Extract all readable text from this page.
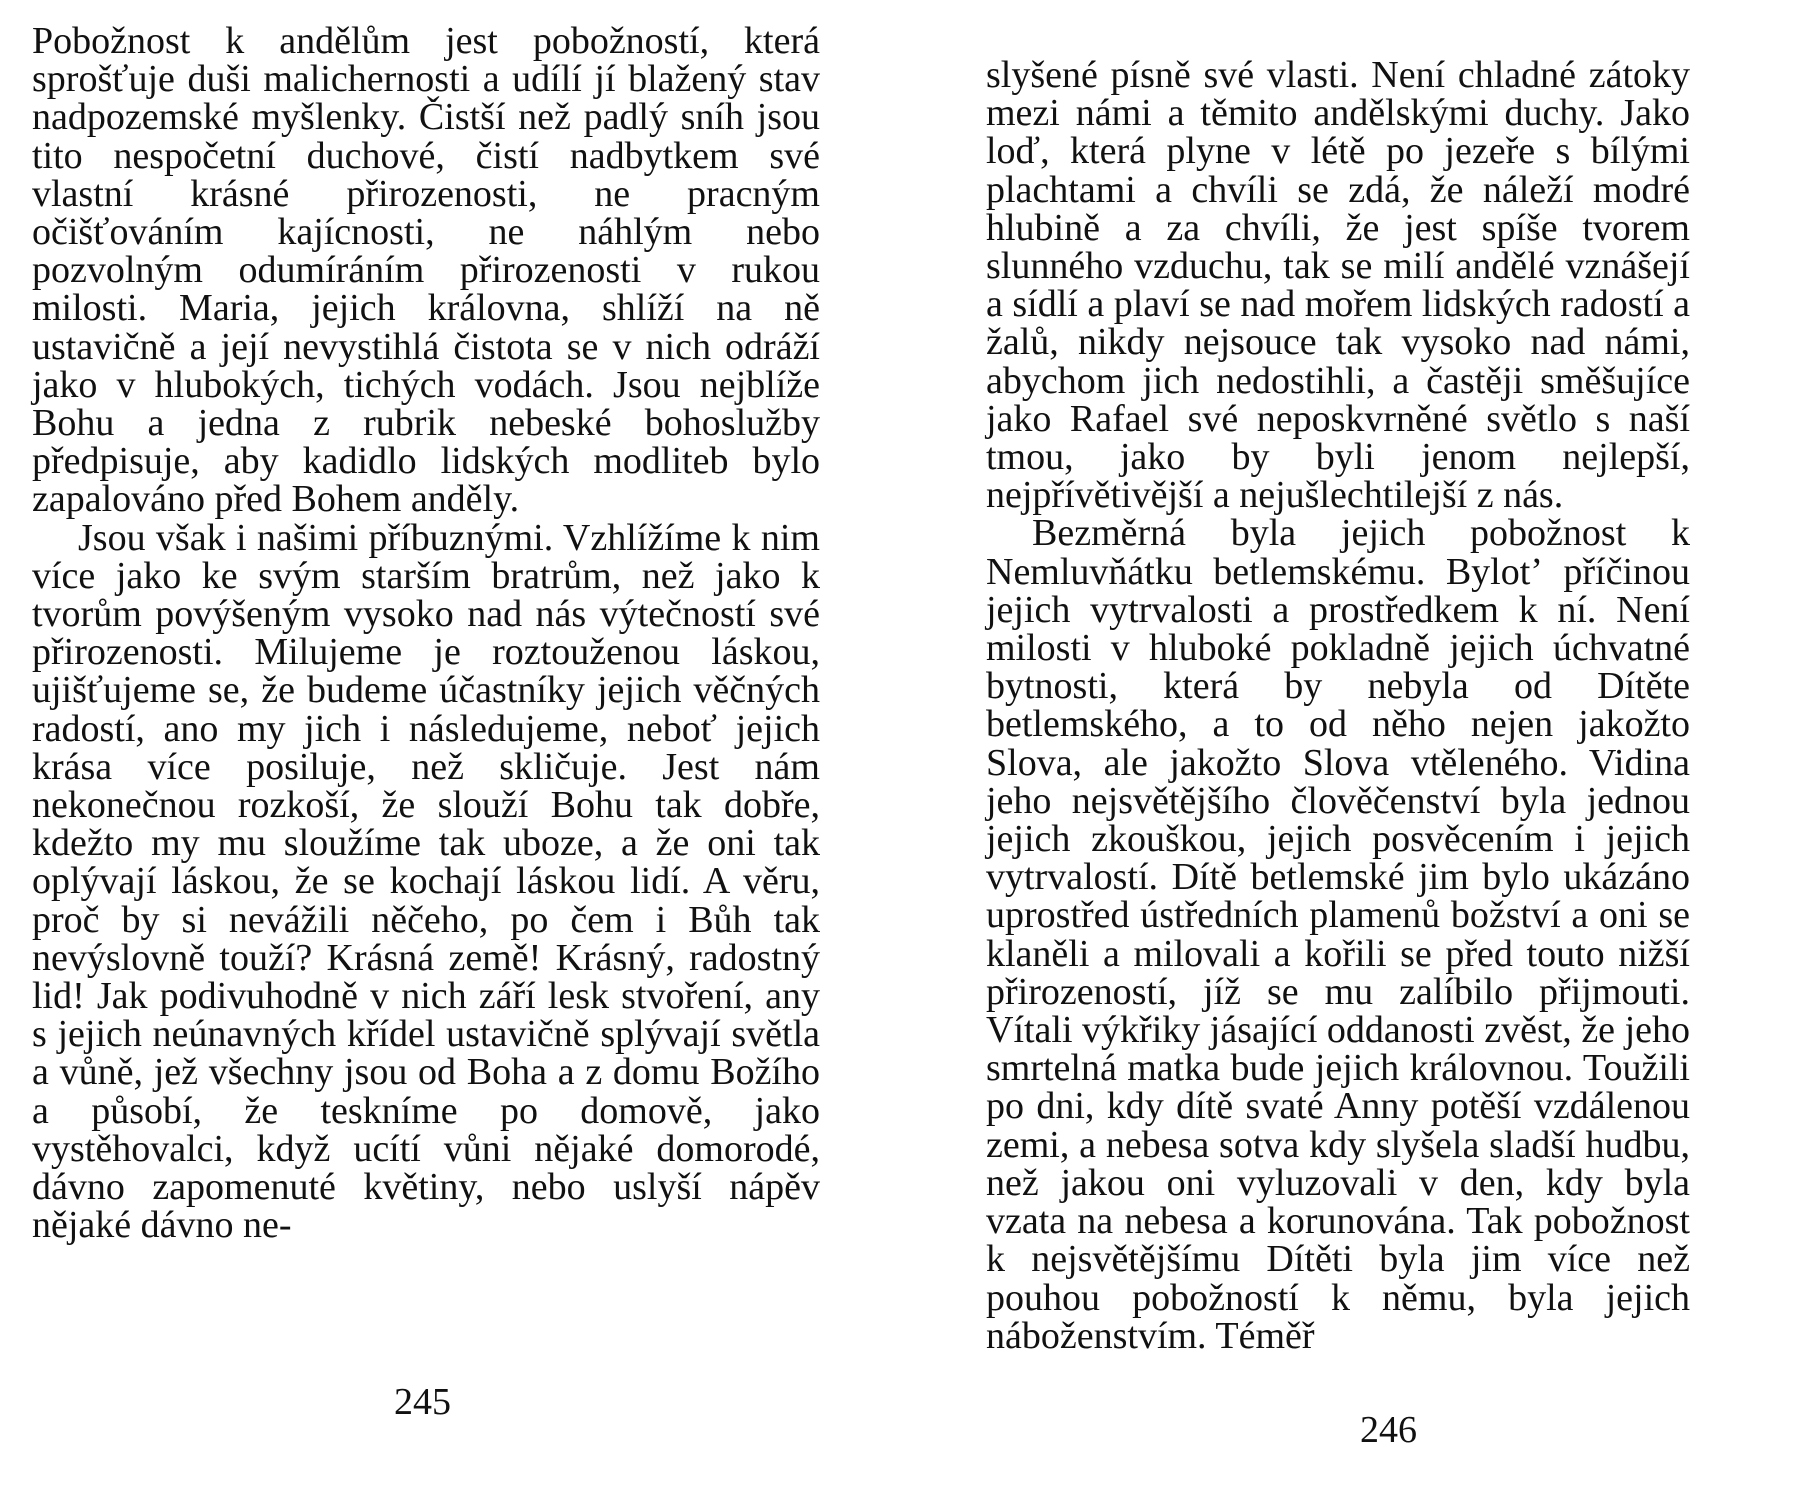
Pobožnost k andělům jest pobožností, která sprošťuje duši malichernosti a udílí jí blažený stav nadpozemské myšlenky. Čistší než padlý sníh jsou tito nespočetní duchové, čistí nadbytkem své vlastní krásné přirozenosti, ne pracným očišťováním kajícnosti, ne náhlým nebo pozvolným odumíráním přirozenosti v rukou milosti. Maria, jejich královna, shlíží na ně ustavičně a její nevystihlá čistota se v nich odráží jako v hlubokých, tichých vodách. Jsou nejblíže Bohu a jedna z rubrik nebeské bohoslužby předpisuje, aby kadidlo lidských modliteb bylo zapalováno před Bohem anděly.

Jsou však i našimi příbuznými. Vzhlížíme k nim více jako ke svým starším bratrům, než jako k tvorům povýšeným vysoko nad nás výtečností své přirozenosti. Milujeme je roztouženou láskou, ujišťujeme se, že budeme účastníky jejich věčných radostí, ano my jich i následujeme, neboť jejich krása více posiluje, než skličuje. Jest nám nekonečnou rozkoší, že slouží Bohu tak dobře, kdežto my mu sloužíme tak uboze, a že oni tak oplývají láskou, že se kochají láskou lidí. A věru, proč by si nevážili něčeho, po čem i Bůh tak nevýslovně touží? Krásná země! Krásný, radostný lid! Jak podivuhodně v nich září lesk stvoření, any s jejich neúnavných křídel ustavičně splývají světla a vůně, jež všechny jsou od Boha a z domu Božího a působí, že teskníme po domově, jako vystěhovalci, když ucítí vůni nějaké domorodé, dávno zapomenuté květiny, nebo uslyší nápěv nějaké dávno ne-

245

slyšené písně své vlasti. Není chladné zátoky mezi námi a těmito andělskými duchy. Jako loď, která plyne v létě po jezeře s bílými plachtami a chvíli se zdá, že náleží modré hlubině a za chvíli, že jest spíše tvorem slunného vzduchu, tak se milí andělé vznášejí a sídlí a plaví se nad mořem lidských radostí a žalů, nikdy nejsouce tak vysoko nad námi, abychom jich nedostihli, a častěji směšujíce jako Rafael své neposkvrněné světlo s naší tmou, jako by byli jenom nejlepší, nejpřívětivější a nejušlechtilejší z nás.

Bezměrná byla jejich pobožnost k Nemluvňátku betlemskému. Bylotʼ příčinou jejich vytrvalosti a prostředkem k ní. Není milosti v hluboké pokladně jejich úchvatné bytnosti, která by nebyla od Dítěte betlemského, a to od něho nejen jakožto Slova, ale jakožto Slova vtěleného. Vidina jeho nejsvětějšího člověčenství byla jednou jejich zkouškou, jejich posvěcením i jejich vytrvalostí. Dítě betlemské jim bylo ukázáno uprostřed ústředních plamenů božství a oni se klaněli a milovali a kořili se před touto nižší přirozeností, jíž se mu zalíbilo přijmouti. Vítali výkřiky jásající oddanosti zvěst, že jeho smrtelná matka bude jejich královnou. Toužili po dni, kdy dítě svaté Anny potěší vzdálenou zemi, a nebesa sotva kdy slyšela sladší hudbu, než jakou oni vyluzovali v den, kdy byla vzata na nebesa a korunována. Tak pobožnost k nejsvětějšímu Dítěti byla jim více než pouhou pobožností k němu, byla jejich náboženstvím. Téměř

246
